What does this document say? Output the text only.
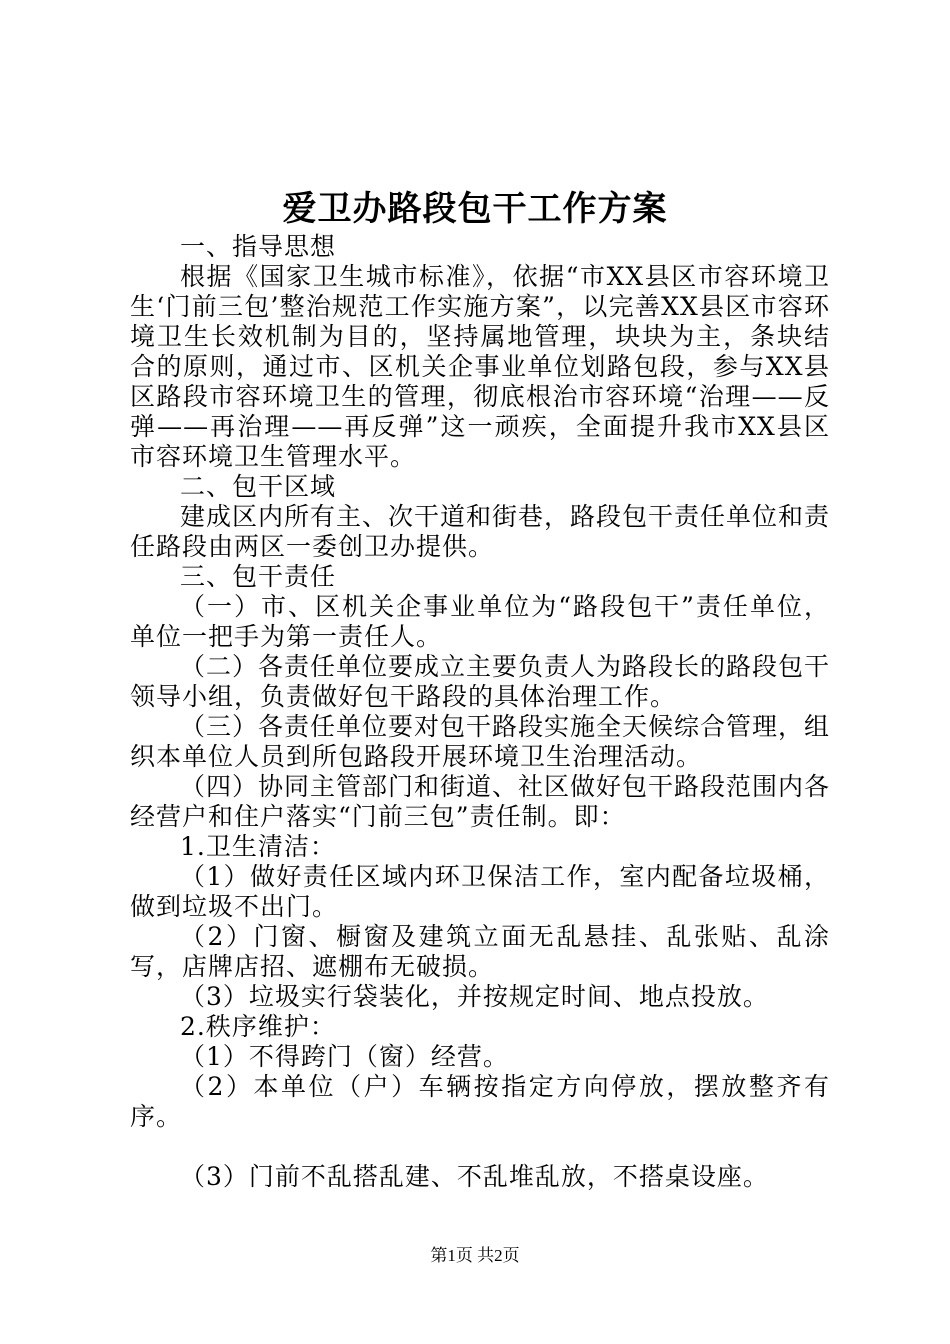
爱卫办路段包干工作方案

一、指导思想

根据《国家卫生城市标准》，依据“市XX县区市容环境卫生‘门前三包’整治规范工作实施方案”，以完善XX县区市容环境卫生长效机制为目的，坚持属地管理，块块为主，条块结合的原则，通过市、区机关企事业单位划路包段，参与XX县区路段市容环境卫生的管理，彻底根治市容环境“治理——反弹——再治理——再反弹”这一顽疾，全面提升我市XX县区市容环境卫生管理水平。

二、包干区域

建成区内所有主、次干道和街巷，路段包干责任单位和责任路段由两区一委创卫办提供。

三、包干责任

（一）市、区机关企事业单位为“路段包干”责任单位，单位一把手为第一责任人。

（二）各责任单位要成立主要负责人为路段长的路段包干领导小组，负责做好包干路段的具体治理工作。

（三）各责任单位要对包干路段实施全天候综合管理，组织本单位人员到所包路段开展环境卫生治理活动。

（四）协同主管部门和街道、社区做好包干路段范围内各经营户和住户落实“门前三包”责任制。即：

1.卫生清洁：

（1）做好责任区域内环卫保洁工作，室内配备垃圾桶，做到垃圾不出门。

（2）门窗、橱窗及建筑立面无乱悬挂、乱张贴、乱涂写，店牌店招、遮棚布无破损。

（3）垃圾实行袋装化，并按规定时间、地点投放。

2.秩序维护：

（1）不得跨门（窗）经营。

（2）本单位（户）车辆按指定方向停放，摆放整齐有序。

（3）门前不乱搭乱建、不乱堆乱放，不搭桌设座。

第1页 共2页
